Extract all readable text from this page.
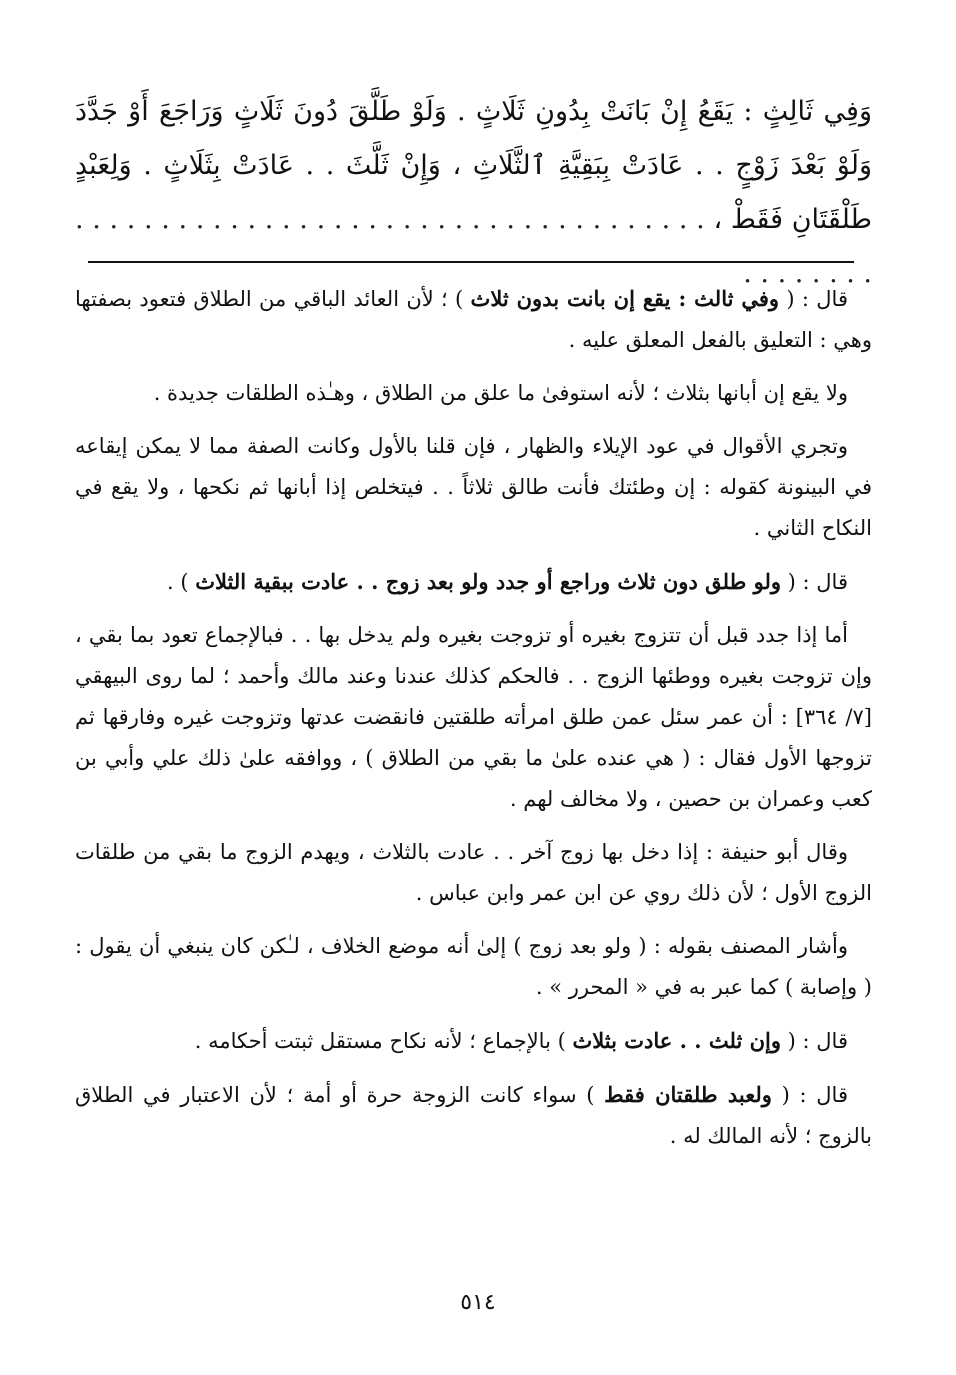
وَفِي ثَالِثٍ : يَقَعُ إِنْ بَانَتْ بِدُونِ ثَلَاثٍ . وَلَوْ طَلَّقَ دُونَ ثَلَاثٍ وَرَاجَعَ أَوْ جَدَّدَ وَلَوْ بَعْدَ زَوْجٍ . . عَادَتْ بِبَقِيَّةِ ٱلثَّلَاثِ ، وَإِنْ ثَلَّثَ . . عَادَتْ بِثَلَاثٍ . وَلِعَبْدٍ طَلْقَتَانِ فَقَطْ ، . . . . . . . . . . . . . . . . . . . . . . . . . . . . . . . . . . . . . . . . . . . . .

قال : ( وفي ثالث : يقع إن بانت بدون ثلاث ) ؛ لأن العائد الباقي من الطلاق فتعود بصفتها وهي : التعليق بالفعل المعلق عليه .

ولا يقع إن أبانها بثلاث ؛ لأنه استوفىٰ ما علق من الطلاق ، وهـٰذه الطلقات جديدة .

وتجري الأقوال في عود الإيلاء والظهار ، فإن قلنا بالأول وكانت الصفة مما لا يمكن إيقاعه في البينونة كقوله : إن وطئتك فأنت طالق ثلاثاً . . فيتخلص إذا أبانها ثم نكحها ، ولا يقع في النكاح الثاني .

قال : ( ولو طلق دون ثلاث وراجع أو جدد ولو بعد زوج . . عادت ببقية الثلاث ) .

أما إذا جدد قبل أن تتزوج بغيره أو تزوجت بغيره ولم يدخل بها . . فبالإجماع تعود بما بقي ، وإن تزوجت بغيره ووطئها الزوج . . فالحكم كذلك عندنا وعند مالك وأحمد ؛ لما روى البيهقي [٧/ ٣٦٤] : أن عمر سئل عمن طلق امرأته طلقتين فانقضت عدتها وتزوجت غيره وفارقها ثم تزوجها الأول فقال : ( هي عنده علىٰ ما بقي من الطلاق ) ، ووافقه علىٰ ذلك علي وأبي بن كعب وعمران بن حصين ، ولا مخالف لهم .

وقال أبو حنيفة : إذا دخل بها زوج آخر . . عادت بالثلاث ، ويهدم الزوج ما بقي من طلقات الزوج الأول ؛ لأن ذلك روي عن ابن عمر وابن عباس .

وأشار المصنف بقوله : ( ولو بعد زوج ) إلىٰ أنه موضع الخلاف ، لـٰكن كان ينبغي أن يقول : ( وإصابة ) كما عبر به في « المحرر » .

قال : ( وإن ثلث . . عادت بثلاث ) بالإجماع ؛ لأنه نكاح مستقل ثبتت أحكامه .

قال : ( ولعبد طلقتان فقط ) سواء كانت الزوجة حرة أو أمة ؛ لأن الاعتبار في الطلاق بالزوج ؛ لأنه المالك له .

٥١٤
